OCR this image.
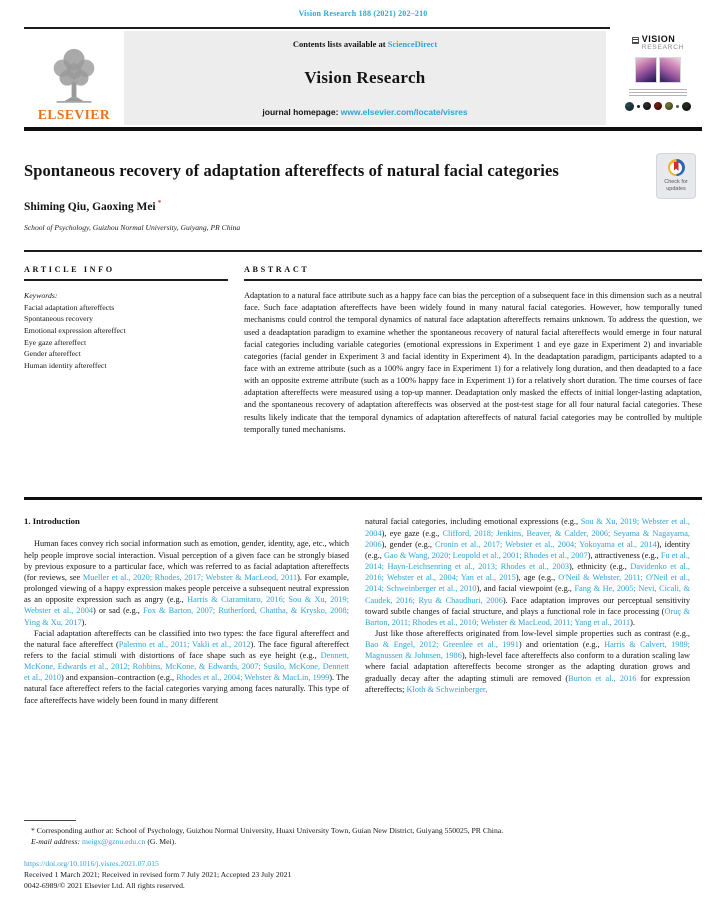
Vision Research 188 (2021) 202–210
ELSEVIER
Contents lists available at ScienceDirect
Vision Research
journal homepage: www.elsevier.com/locate/visres
VISION
RESEARCH
Spontaneous recovery of adaptation aftereffects of natural facial categories
Check for updates
Shiming Qiu, Gaoxing Mei *
School of Psychology, Guizhou Normal University, Guiyang, PR China
ARTICLE INFO
Keywords:
Facial adaptation aftereffects
Spontaneous recovery
Emotional expression aftereffect
Eye gaze aftereffect
Gender aftereffect
Human identity aftereffect
ABSTRACT
Adaptation to a natural face attribute such as a happy face can bias the perception of a subsequent face in this dimension such as a neutral face. Such face adaptation aftereffects have been widely found in many natural facial categories. However, how temporally tuned mechanisms could control the temporal dynamics of natural face adaptation aftereffects remains unknown. To address the question, we used a deadaptation paradigm to examine whether the spontaneous recovery of natural facial aftereffects would emerge in four natural facial categories including variable categories (emotional expressions in Experiment 1 and eye gaze in Experiment 2) and invariable categories (facial gender in Experiment 3 and facial identity in Experiment 4). In the deadaptation paradigm, participants adapted to a face with an extreme attribute (such as a 100% angry face in Experiment 1) for a relatively long duration, and then deadapted to a face with an opposite extreme attribute (such as a 100% happy face in Experiment 1) for a relatively short duration. The time courses of face adaptation aftereffects were measured using a top-up manner. Deadaptation only masked the effects of initial longer-lasting adaptation, and the spontaneous recovery of adaptation aftereffects was observed at the post-test stage for all four natural facial categories. These results likely indicate that the temporal dynamics of adaptation aftereffects of natural facial categories may be controlled by multiple temporally tuned mechanisms.
1. Introduction

Human faces convey rich social information such as emotion, gender, identity, age, etc., which help people improve social interaction. Visual perception of a given face can be strongly biased by previous exposure to a particular face, which was referred to as facial adaptation aftereffects (for reviews, see Mueller et al., 2020; Rhodes, 2017; Webster & MacLeod, 2011). For example, prolonged viewing of a happy expression makes people perceive a subsequent neutral expression as an opposite expression such as angry (e.g., Harris & Ciaramitaro, 2016; Sou & Xu, 2019; Webster et al., 2004) or sad (e.g., Fox & Barton, 2007; Rutherford, Chattha, & Krysko, 2008; Ying & Xu, 2017).

Facial adaptation aftereffects can be classified into two types: the face figural aftereffect and the natural face aftereffect (Palermo et al., 2011; Vakli et al., 2012). The face figural aftereffect refers to the facial stimuli with distortions of face shape such as eye height (e.g., Dennett, McKone, Edwards et al., 2012; Robbins, McKone, & Edwards, 2007; Susilo, McKone, Dennett et al., 2010) and expansion–contraction (e.g., Rhodes et al., 2004; Webster & MacLin, 1999). The natural face aftereffect refers to the facial categories varying among faces naturally. This type of face aftereffects have widely been found in many different

natural facial categories, including emotional expressions (e.g., Sou & Xu, 2019; Webster et al., 2004), eye gaze (e.g., Clifford, 2018; Jenkins, Beaver, & Calder, 2006; Seyama & Nagayama, 2006), gender (e.g., Cronin et al., 2017; Webster et al., 2004; Yokoyama et al., 2014), identity (e.g., Gao & Wang, 2020; Leopold et al., 2001; Rhodes et al., 2007), attractiveness (e.g., Fu et al., 2014; Hayn-Leichsenring et al., 2013; Rhodes et al., 2003), ethnicity (e.g., Davidenko et al., 2016; Webster et al., 2004; Yan et al., 2015), age (e.g., O'Neil & Webster, 2011; O'Neil et al., 2014; Schweinberger et al., 2010), and facial viewpoint (e.g., Fang & He, 2005; Nevi, Cicali, & Caudek, 2016; Ryu & Chaudhuri, 2006). Face adaptation improves our perceptual sensitivity toward subtle changes of facial structure, and plays a functional role in face processing (Oruç & Barton, 2011; Rhodes et al., 2010; Webster & MacLeod, 2011; Yang et al., 2011).

Just like those aftereffects originated from low-level simple properties such as contrast (e.g., Bao & Engel, 2012; Greenlee et al., 1991) and orientation (e.g., Harris & Calvert, 1989; Magnussen & Johnsen, 1986), high-level face aftereffects also conform to a duration scaling law where facial adaptation aftereffects become stronger as the adapting duration grows and gradually decay after the adapting stimuli are removed (Burton et al., 2016 for expression aftereffects; Kloth & Schweinberger,

* Corresponding author at: School of Psychology, Guizhou Normal University, Huaxi University Town, Guian New District, Guiyang 550025, PR China.
E-mail address: meigx@gznu.edu.cn (G. Mei).
https://doi.org/10.1016/j.visres.2021.07.015
Received 1 March 2021; Received in revised form 7 July 2021; Accepted 23 July 2021
0042-6989/© 2021 Elsevier Ltd. All rights reserved.
